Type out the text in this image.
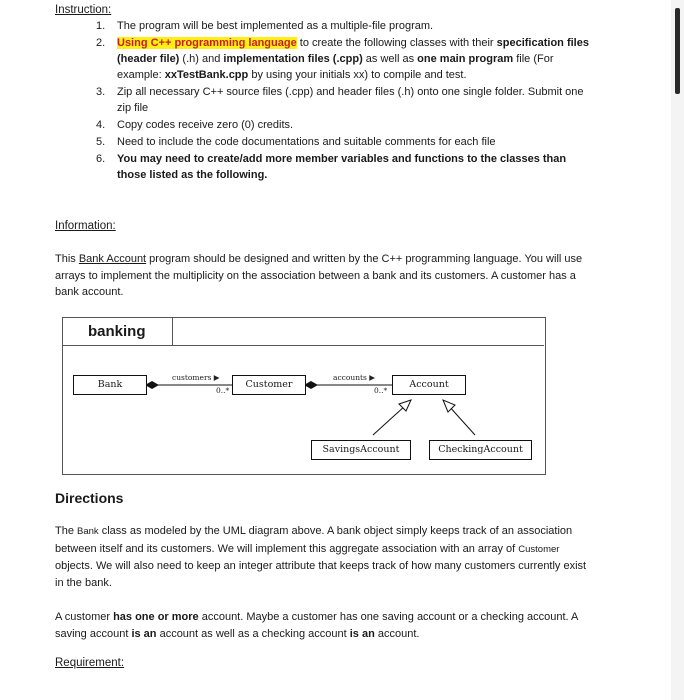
Instruction:
1. The program will be best implemented as a multiple-file program.
2. Using C++ programming language to create the following classes with their specification files (header file) (.h) and implementation files (.cpp) as well as one main program file (For example: xxTestBank.cpp by using your initials xx) to compile and test.
3. Zip all necessary C++ source files (.cpp) and header files (.h) onto one single folder. Submit one zip file
4. Copy codes receive zero (0) credits.
5. Need to include the code documentations and suitable comments for each file
6. You may need to create/add more member variables and functions to the classes than those listed as the following.
Information:
This Bank Account program should be designed and written by the C++ programming language. You will use arrays to implement the multiplicity on the association between a bank and its customers. A customer has a bank account.
banking
Bank	Customer	Account
SavingsAccount	CheckingAccount
customers ▶
0..*
accounts ▶
0..*
Directions
The Bank class as modeled by the UML diagram above. A bank object simply keeps track of an association between itself and its customers. We will implement this aggregate association with an array of Customer objects. We will also need to keep an integer attribute that keeps track of how many customers currently exist in the bank.
A customer has one or more account. Maybe a customer has one saving account or a checking account. A saving account is an account as well as a checking account is an account.
Requirement:
